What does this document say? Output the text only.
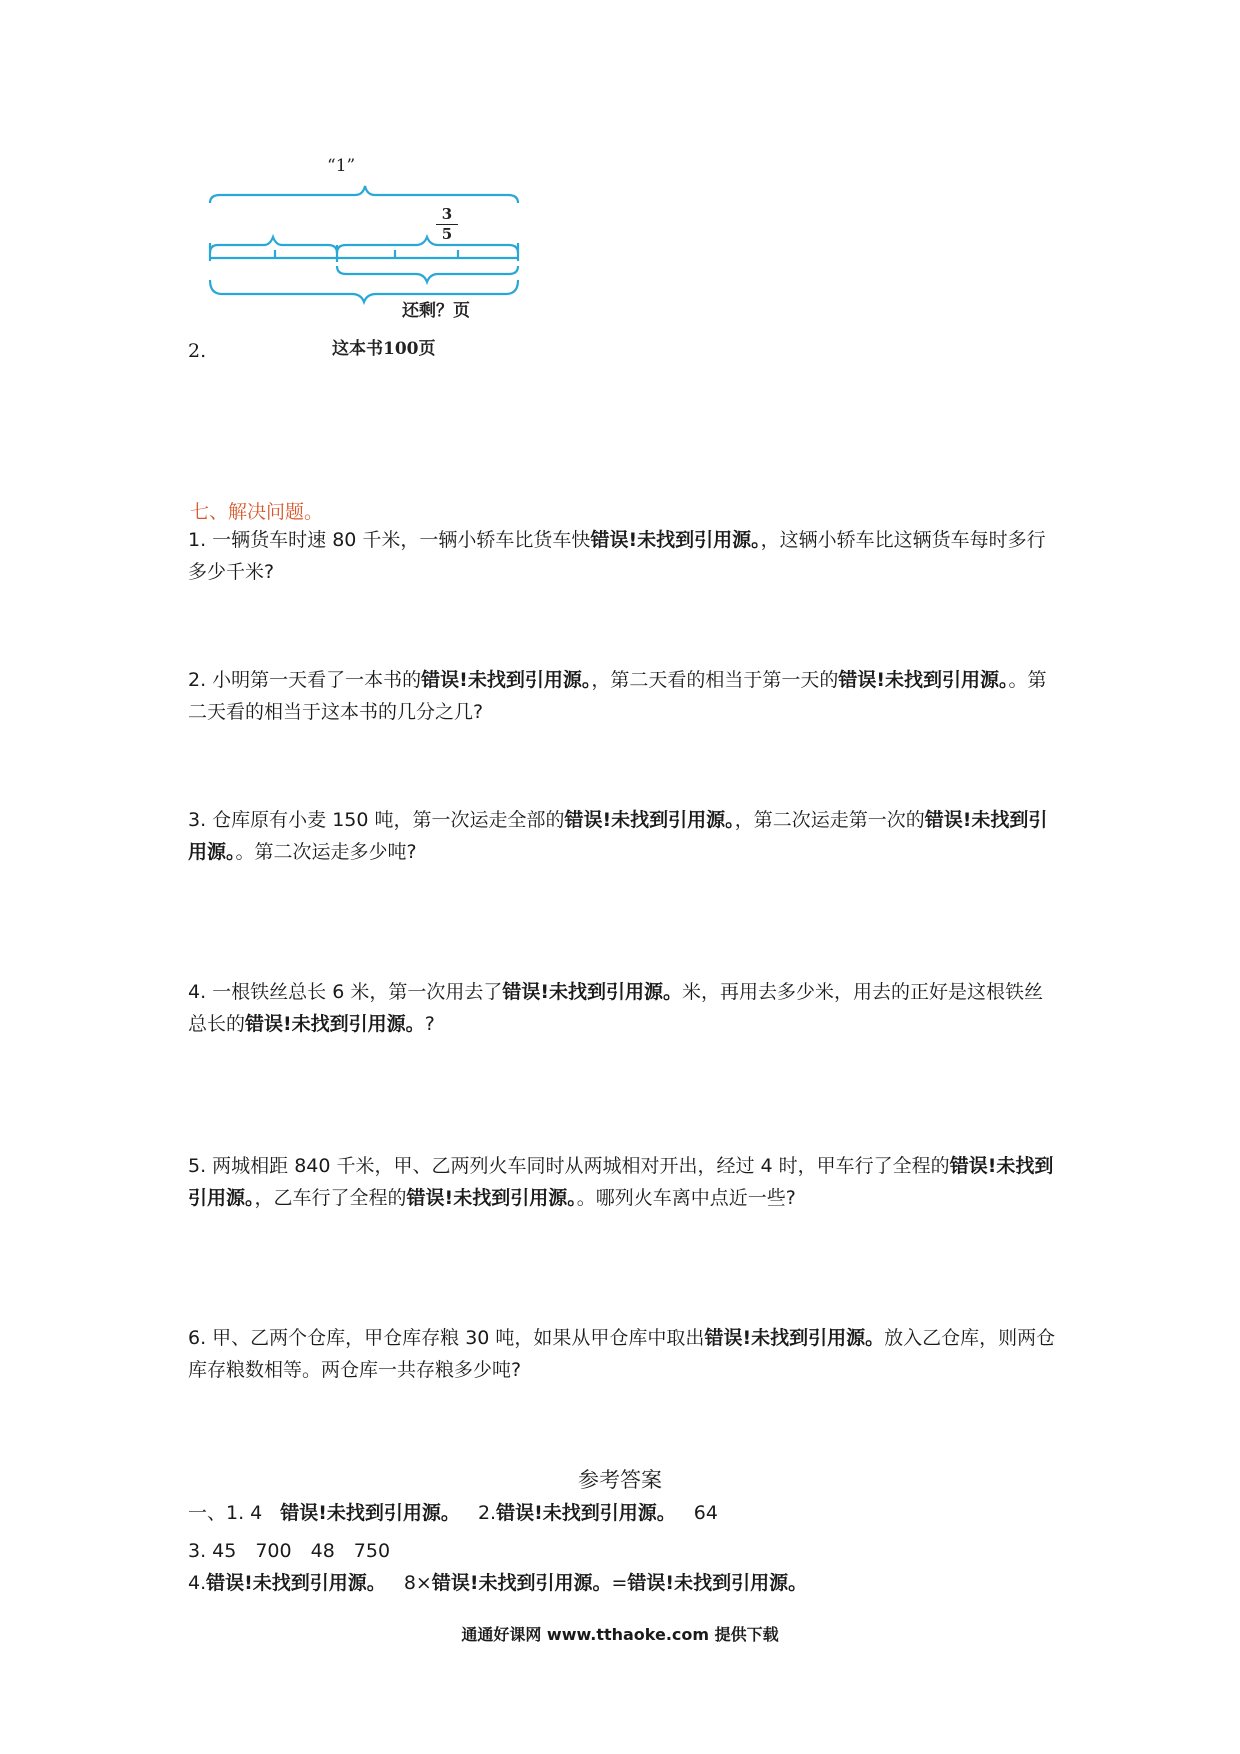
“1”
3
5
还剩？页
这本书100页
2.
七、解决问题。
1. 一辆货车时速 80 千米，一辆小轿车比货车快错误!未找到引用源。，这辆小轿车比这辆货车每时多行多少千米?
2. 小明第一天看了一本书的错误!未找到引用源。，第二天看的相当于第一天的错误!未找到引用源。。第二天看的相当于这本书的几分之几?
3. 仓库原有小麦 150 吨，第一次运走全部的错误!未找到引用源。，第二次运走第一次的错误!未找到引用源。。第二次运走多少吨?
4. 一根铁丝总长 6 米，第一次用去了错误!未找到引用源。米，再用去多少米，用去的正好是这根铁丝总长的错误!未找到引用源。?
5. 两城相距 840 千米，甲、乙两列火车同时从两城相对开出，经过 4 时，甲车行了全程的错误!未找到引用源。，乙车行了全程的错误!未找到引用源。。哪列火车离中点近一些?
6. 甲、乙两个仓库，甲仓库存粮 30 吨，如果从甲仓库中取出错误!未找到引用源。放入乙仓库，则两仓库存粮数相等。两仓库一共存粮多少吨?
参考答案
一、1. 4 错误!未找到引用源。 2.错误!未找到引用源。 64
3. 45　700　48　750
4.错误!未找到引用源。 8×错误!未找到引用源。=错误!未找到引用源。
通通好课网 www.tthaoke.com 提供下载
